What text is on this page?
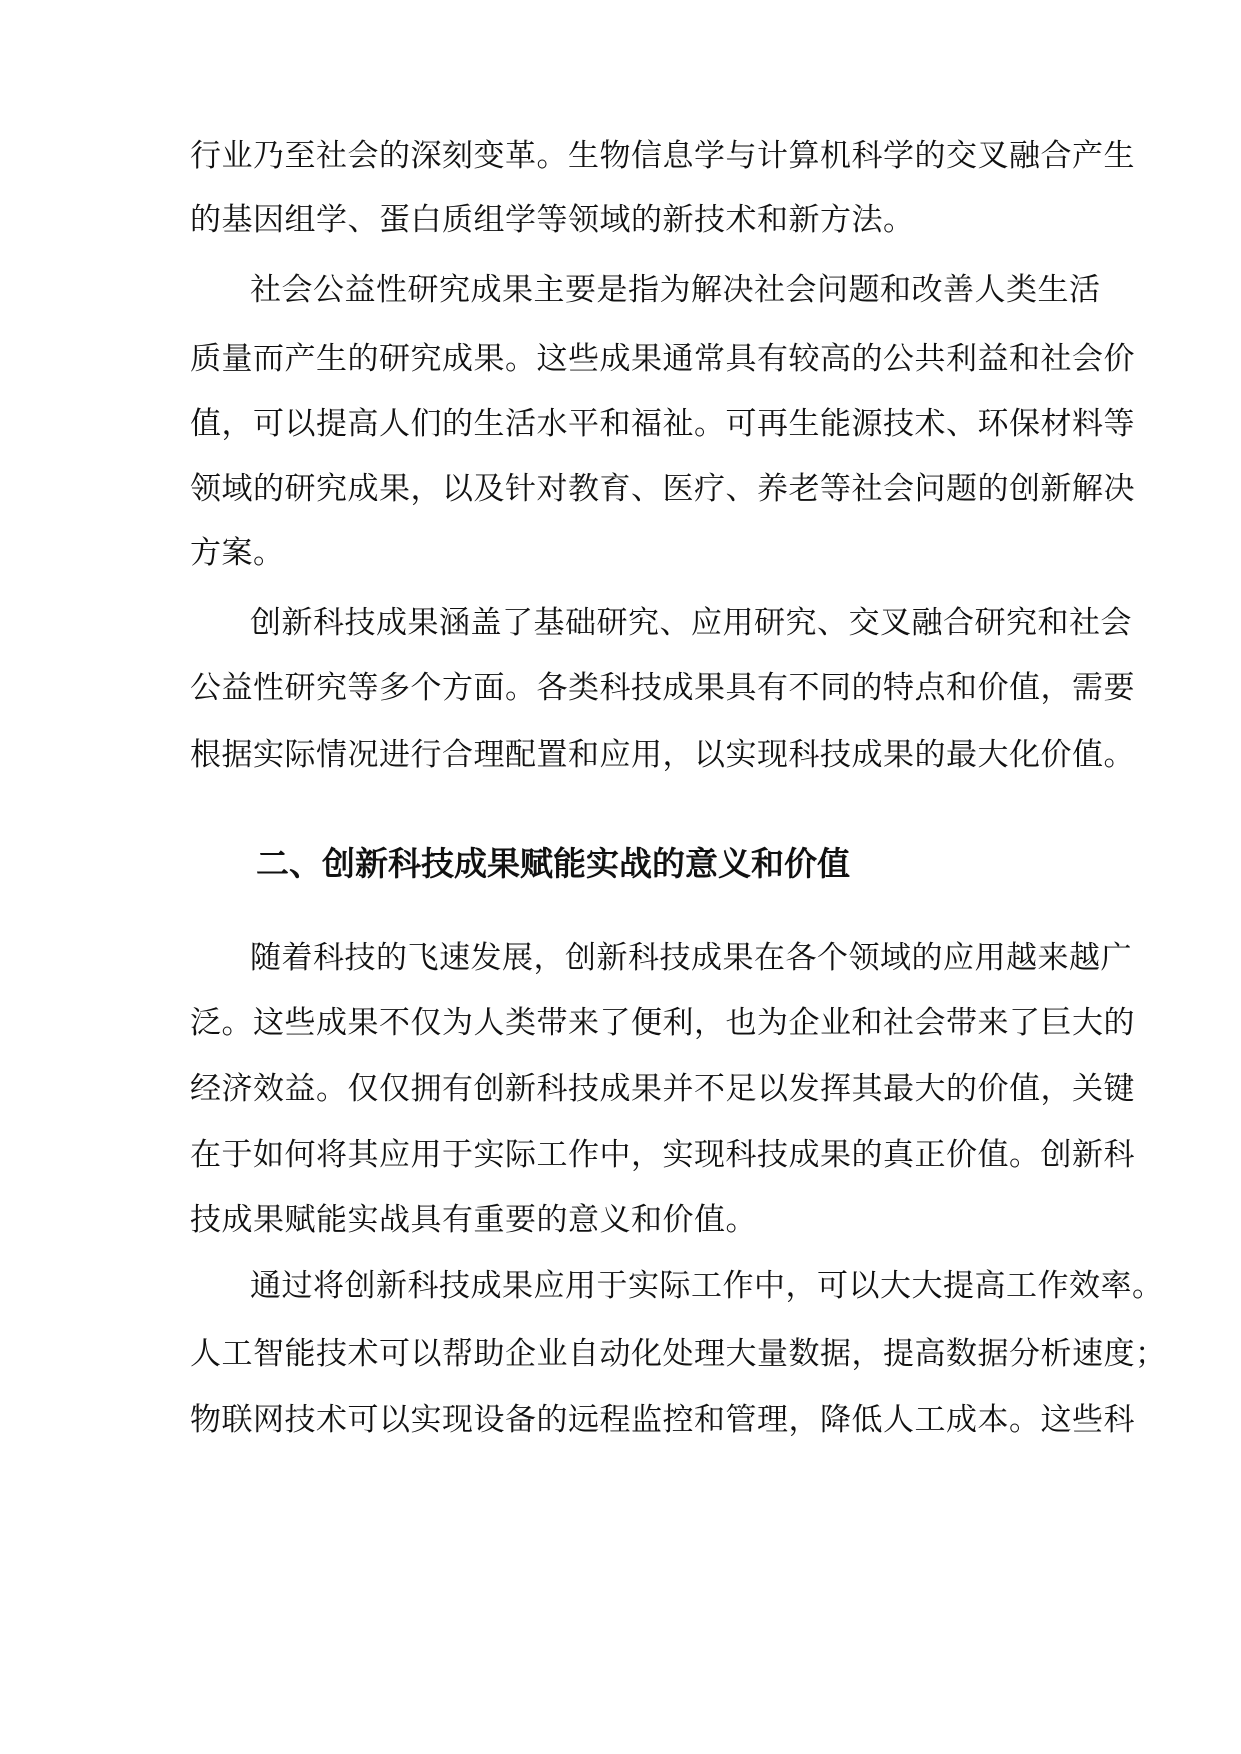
行业乃至社会的深刻变革。生物信息学与计算机科学的交叉融合产生
的基因组学、蛋白质组学等领域的新技术和新方法。
社会公益性研究成果主要是指为解决社会问题和改善人类生活
质量而产生的研究成果。这些成果通常具有较高的公共利益和社会价
值，可以提高人们的生活水平和福祉。可再生能源技术、环保材料等
领域的研究成果，以及针对教育、医疗、养老等社会问题的创新解决
方案。
创新科技成果涵盖了基础研究、应用研究、交叉融合研究和社会
公益性研究等多个方面。各类科技成果具有不同的特点和价值，需要
根据实际情况进行合理配置和应用，以实现科技成果的最大化价值。
二、创新科技成果赋能实战的意义和价值
随着科技的飞速发展，创新科技成果在各个领域的应用越来越广
泛。这些成果不仅为人类带来了便利，也为企业和社会带来了巨大的
经济效益。仅仅拥有创新科技成果并不足以发挥其最大的价值，关键
在于如何将其应用于实际工作中，实现科技成果的真正价值。创新科
技成果赋能实战具有重要的意义和价值。
通过将创新科技成果应用于实际工作中，可以大大提高工作效率。
人工智能技术可以帮助企业自动化处理大量数据，提高数据分析速度；
物联网技术可以实现设备的远程监控和管理，降低人工成本。这些科
